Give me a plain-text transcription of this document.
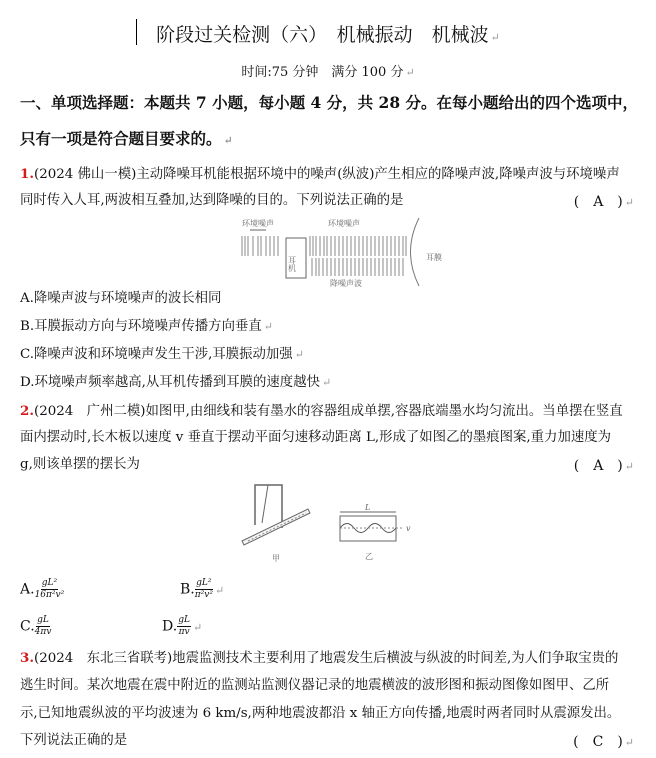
阶段过关检测（六）　机械振动　机械波 ↵
时间:75 分钟　满分 100 分 ↵
一、单项选择题：本题共 7 小题，每小题 4 分，共 28 分。在每小题给出的四个选项中，
只有一项是符合题目要求的。 ↵
1.(2024 佛山一模)主动降噪耳机能根据环境中的噪声(纵波)产生相应的降噪声波,降噪声波与环境噪声
同时传入人耳,两波相互叠加,达到降噪的目的。下列说法正确的是	(　A　) ↵
环境噪声
耳机
环境噪声
降噪声波
耳膜
A.降噪声波与环境噪声的波长相同
B.耳膜振动方向与环境噪声传播方向垂直 ↵
C.降噪声波和环境噪声发生干涉,耳膜振动加强 ↵
D.环境噪声频率越高,从耳机传播到耳膜的速度越快 ↵
2.(2024　广州二模)如图甲,由细线和装有墨水的容器组成单摆,容器底端墨水均匀流出。当单摆在竖直
面内摆动时,长木板以速度 v 垂直于摆动平面匀速移动距离 L,形成了如图乙的墨痕图案,重力加速度为
g,则该单摆的摆长为	(　A　) ↵
甲
L
v
乙
A. $\frac{\text{gL²}}{\text{16π²v²}}$	B. $\frac{\text{gL²}}{\text{π²v²}}$ ↵
C. $\frac{gL}{4\pi v}$	D. $\frac{gL}{\pi v}$ ↵
3.(2024　东北三省联考)地震监测技术主要利用了地震发生后横波与纵波的时间差,为人们争取宝贵的
逃生时间。某次地震在震中附近的监测站监测仪器记录的地震横波的波形图和振动图像如图甲、乙所
示,已知地震纵波的平均波速为 6 km/s,两种地震波都沿 x 轴正方向传播,地震时两者同时从震源发出。
下列说法正确的是	(　C　) ↵
